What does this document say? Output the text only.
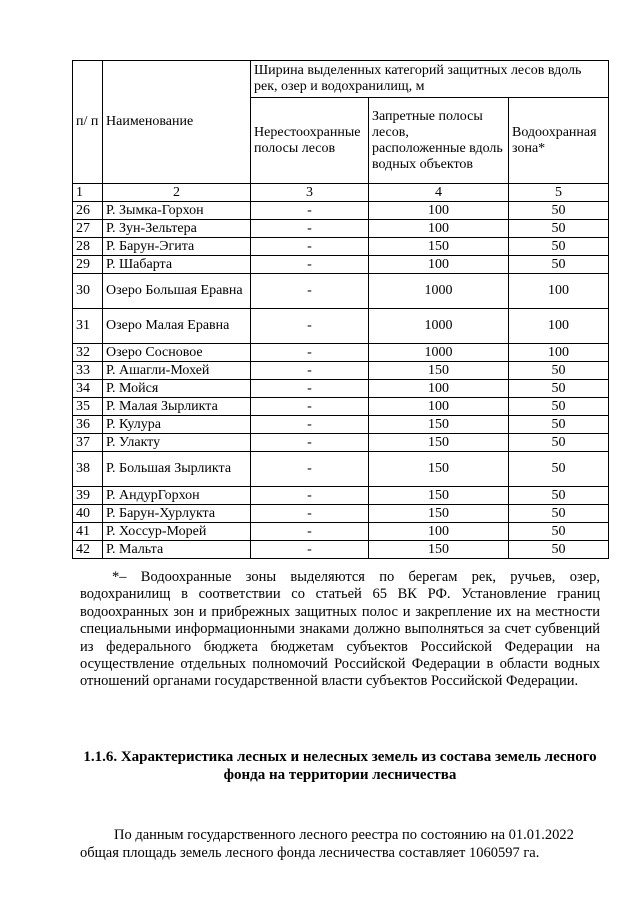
п/ п	Наименование	Ширина выделенных категорий защитных лесов вдоль рек, озер и водохранилищ, м		
		Нерестоохранные полосы лесов	Запретные полосы лесов, расположенные вдоль водных объектов	Водоохранная зона*
1	2	3	4	5
26	Р. Зымка-Горхон	-	100	50
27	Р. Зун-Зельтера	-	100	50
28	Р. Барун-Эгита	-	150	50
29	Р. Шабарта	-	100	50
30	Озеро Большая Еравна	-	1000	100
31	Озеро Малая Еравна	-	1000	100
32	Озеро Сосновое	-	1000	100
33	Р. Ашагли-Мохей	-	150	50
34	Р. Мойся	-	100	50
35	Р. Малая Зырликта	-	100	50
36	Р. Кулура	-	150	50
37	Р. Улакту	-	150	50
38	Р. Большая Зырликта	-	150	50
39	Р. АндурГорхон	-	150	50
40	Р. Барун-Хурлукта	-	150	50
41	Р. Хоссур-Морей	-	100	50
42	Р. Мальта	-	150	50

*– Водоохранные зоны выделяются по берегам рек, ручьев, озер, водохранилищ в соответствии со статьей 65 ВК РФ. Установление границ водоохранных зон и прибрежных защитных полос и закрепление их на местности специальными информационными знаками должно выполняться за счет субвенций из федерального бюджета бюджетам субъектов Российской Федерации на осуществление отдельных полномочий Российской Федерации в области водных отношений органами государственной власти субъектов Российской Федерации.

1.1.6. Характеристика лесных и нелесных земель из состава земель лесного фонда на территории лесничества

По данным государственного лесного реестра по состоянию на 01.01.2022 общая площадь земель лесного фонда лесничества составляет 1060597 га.
